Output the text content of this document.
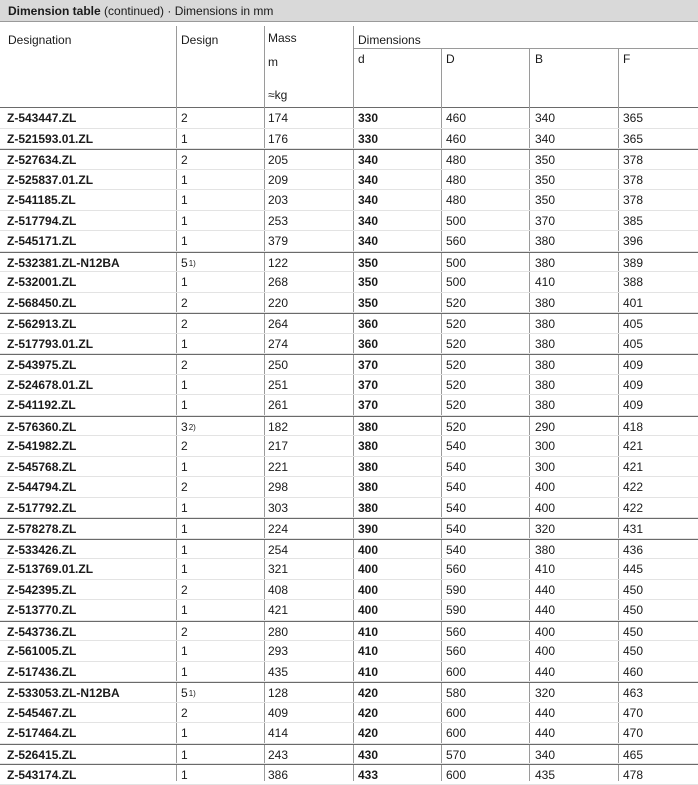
Dimension table (continued) · Dimensions in mm
Designation	Design	Mass
m
≈kg
Dimensions
d	D	B	F
Z-543447.ZL	2	174	330	460	340	365
Z-521593.01.ZL	1	176	330	460	340	365
Z-527634.ZL	2	205	340	480	350	378
Z-525837.01.ZL	1	209	340	480	350	378
Z-541185.ZL	1	203	340	480	350	378
Z-517794.ZL	1	253	340	500	370	385
Z-545171.ZL	1	379	340	560	380	396
Z-532381.ZL-N12BA	5$^{1)}$	122	350	500	380	389
Z-532001.ZL	1	268	350	500	410	388
Z-568450.ZL	2	220	350	520	380	401
Z-562913.ZL	2	264	360	520	380	405
Z-517793.01.ZL	1	274	360	520	380	405
Z-543975.ZL	2	250	370	520	380	409
Z-524678.01.ZL	1	251	370	520	380	409
Z-541192.ZL	1	261	370	520	380	409
Z-576360.ZL	3$^{2)}$	182	380	520	290	418
Z-541982.ZL	2	217	380	540	300	421
Z-545768.ZL	1	221	380	540	300	421
Z-544794.ZL	2	298	380	540	400	422
Z-517792.ZL	1	303	380	540	400	422
Z-578278.ZL	1	224	390	540	320	431
Z-533426.ZL	1	254	400	540	380	436
Z-513769.01.ZL	1	321	400	560	410	445
Z-542395.ZL	2	408	400	590	440	450
Z-513770.ZL	1	421	400	590	440	450
Z-543736.ZL	2	280	410	560	400	450
Z-561005.ZL	1	293	410	560	400	450
Z-517436.ZL	1	435	410	600	440	460
Z-533053.ZL-N12BA	5$^{1)}$	128	420	580	320	463
Z-545467.ZL	2	409	420	600	440	470
Z-517464.ZL	1	414	420	600	440	470
Z-526415.ZL	1	243	430	570	340	465
Z-543174.ZL	1	386	433	600	435	478
